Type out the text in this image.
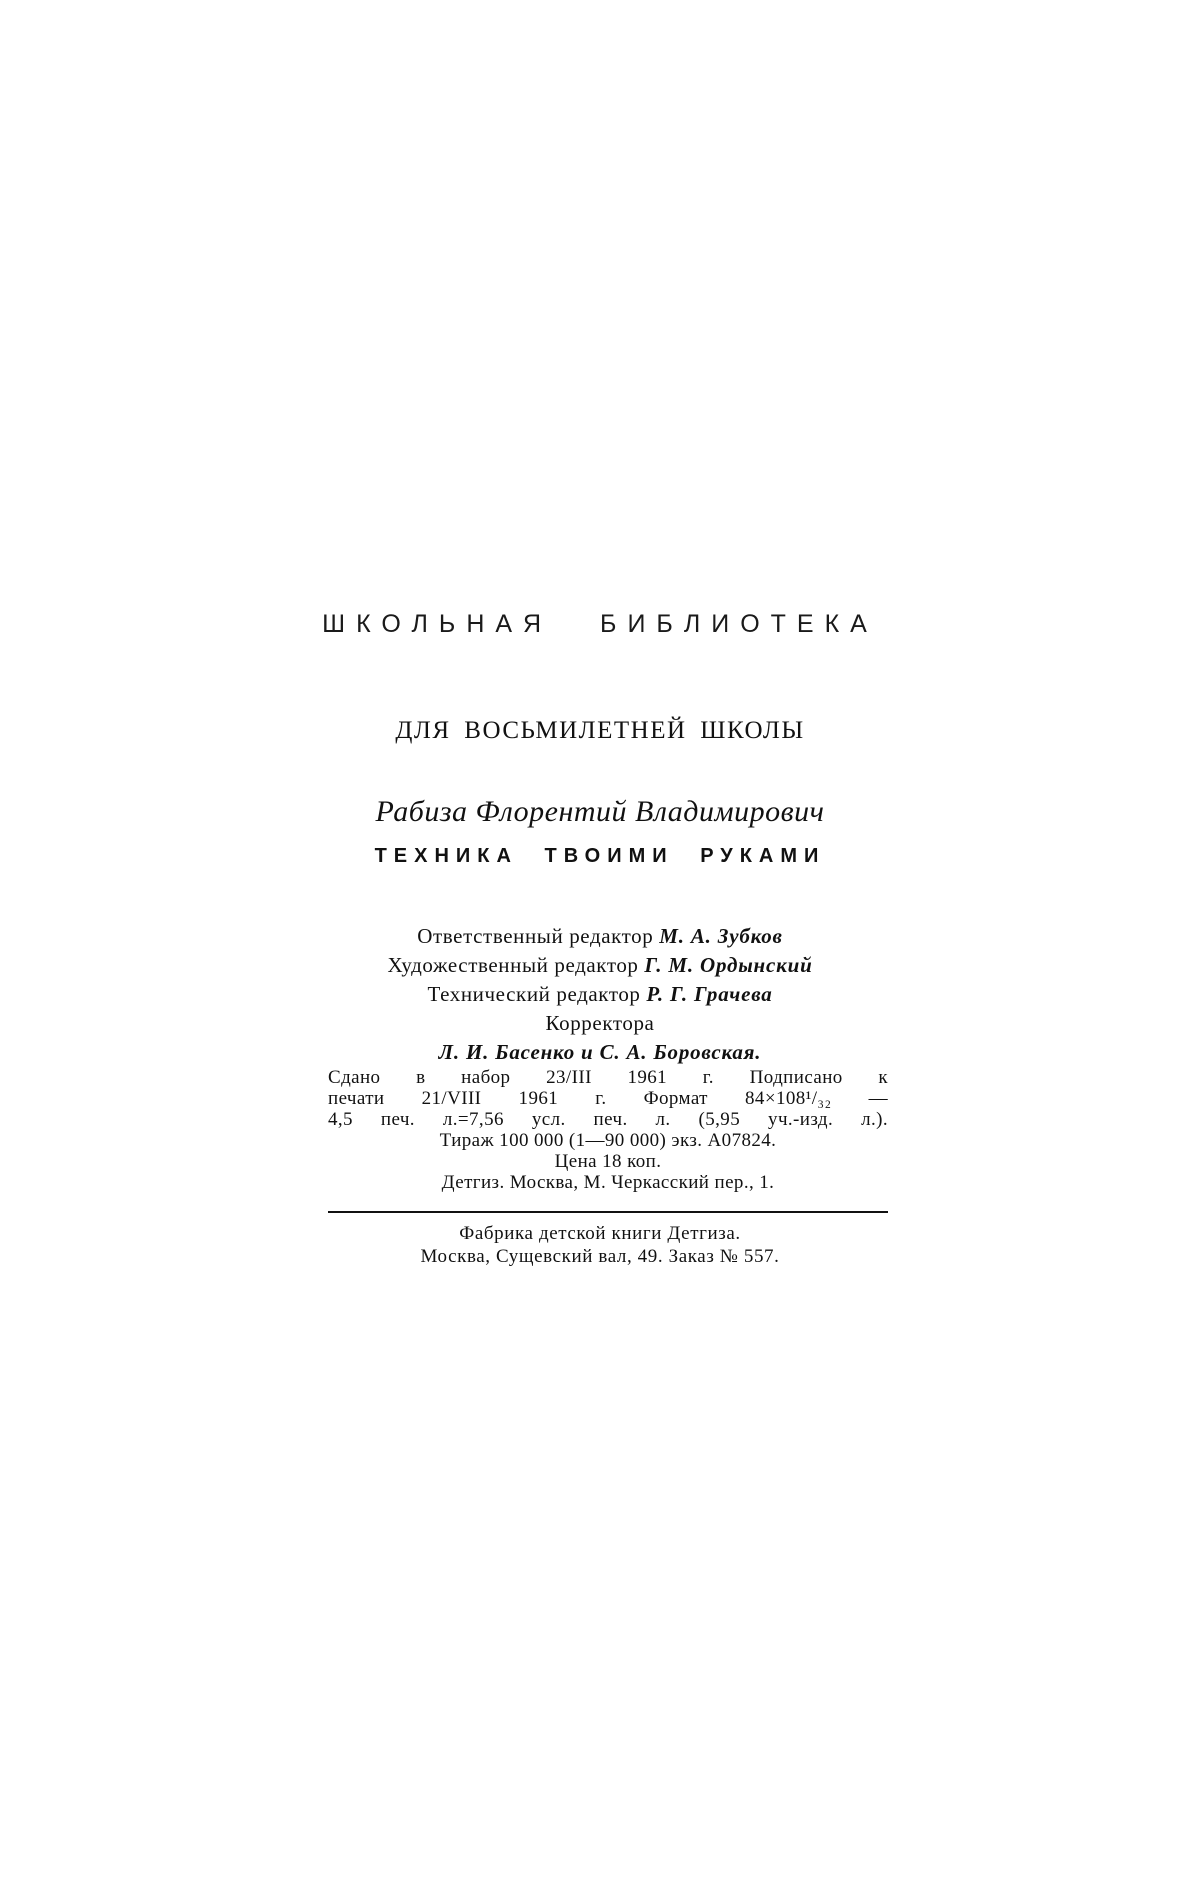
ШКОЛЬНАЯ БИБЛИОТЕКА
ДЛЯ ВОСЬМИЛЕТНЕЙ ШКОЛЫ
Рабиза Флорентий Владимирович
ТЕХНИКА ТВОИМИ РУКАМИ
Ответственный редактор М. А. Зубков
Художественный редактор Г. М. Ордынский
Технический редактор Р. Г. Грачева
Корректора
Л. И. Басенко и С. А. Боровская.
Сдано в набор 23/III 1961 г. Подписано к
печати 21/VIII 1961 г. Формат 84×108¹/₃₂ —
4,5 печ. л.=7,56 усл. печ. л. (5,95 уч.-изд. л.).
Тираж 100 000 (1—90 000) экз. А07824.
Цена 18 коп.
Детгиз. Москва, М. Черкасский пер., 1.
Фабрика детской книги Детгиза.
Москва, Сущевский вал, 49. Заказ № 557.
